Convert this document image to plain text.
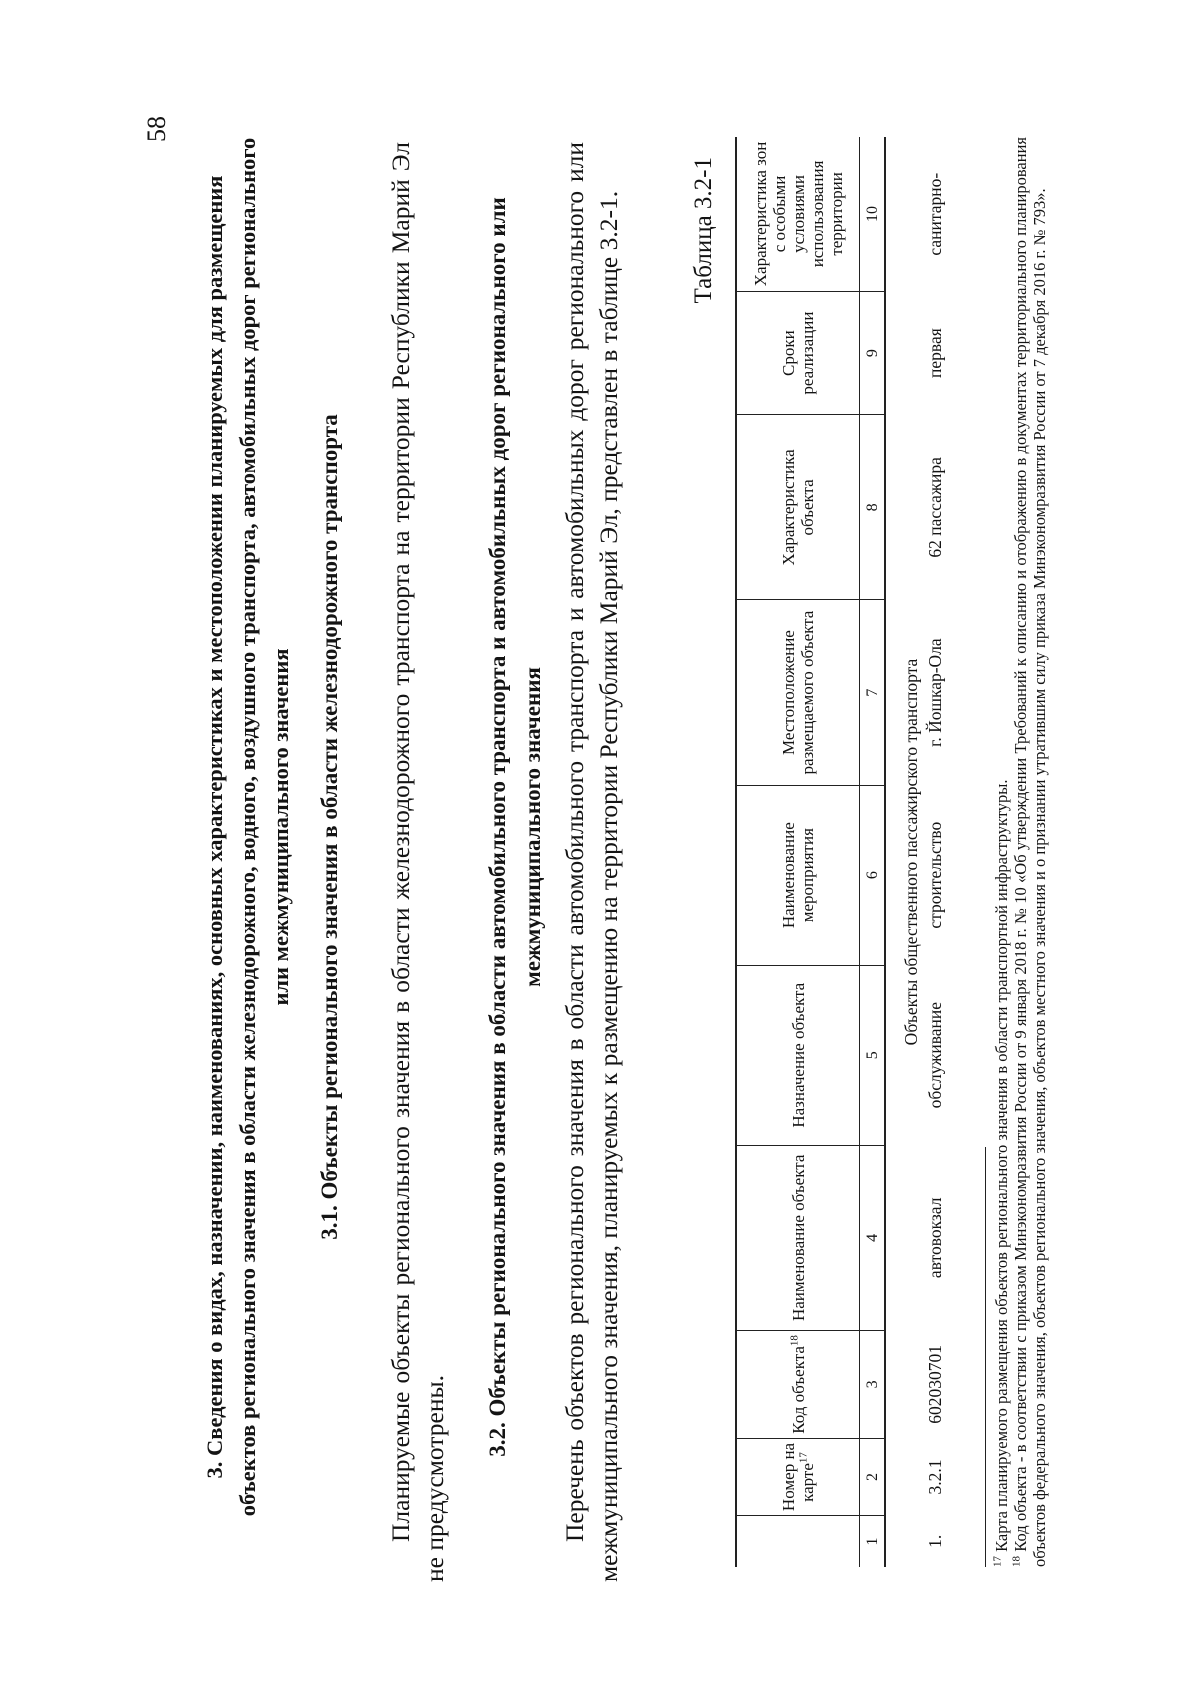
58
3. Сведения о видах, назначении, наименованиях, основных характеристиках и местоположении планируемых для размещения объектов регионального значения в области железнодорожного, водного, воздушного транспорта, автомобильных дорог регионального или межмуниципального значения 3.1. Объекты регионального значения в области железнодорожного транспорта Планируемые объекты регионального значения в области железнодорожного транспорта на территории Республики Марий Эл не предусмотрены.
3.2. Объекты регионального значения в области автомобильного транспорта и автомобильных дорог регионального или межмуниципального значения Перечень объектов регионального значения в области автомобильного транспорта и автомобильных дорог регионального или межмуниципального значения, планируемых к размещению на территории Республики Марий Эл, представлен в таблице 3.2-1.	Таблица 3.2-1
	Номер на карте$^{17}$	Код объекта$^{18}$	Наименование объекта	Назначение объекта	Наименование мероприятия	Местоположение размещаемого объекта	Характеристика объекта	Сроки реализации	Характеристика зон с особыми условиями использования территории
1	2	3	4	5	6	7	8	9	10
Объекты общественного пассажирского транспорта									
1.	3.2.1	602030701	автовокзал	обслуживание	строительство	г. Йошкар-Ола	62 пассажира	первая	санитарно-

$^{17}$ Карта планируемого размещения объектов регионального значения в области транспортной инфраструктуры.

$^{18}$ Код объекта - в соответствии с приказом Минэкономразвития России от 9 января 2018 г. № 10 «Об утверждении Требований к описанию и отображению в документах территориального планирования объектов федерального значения, объектов регионального значения, объектов местного значения и о признании утратившим силу приказа Минэкономразвития России от 7 декабря 2016 г. № 793».
